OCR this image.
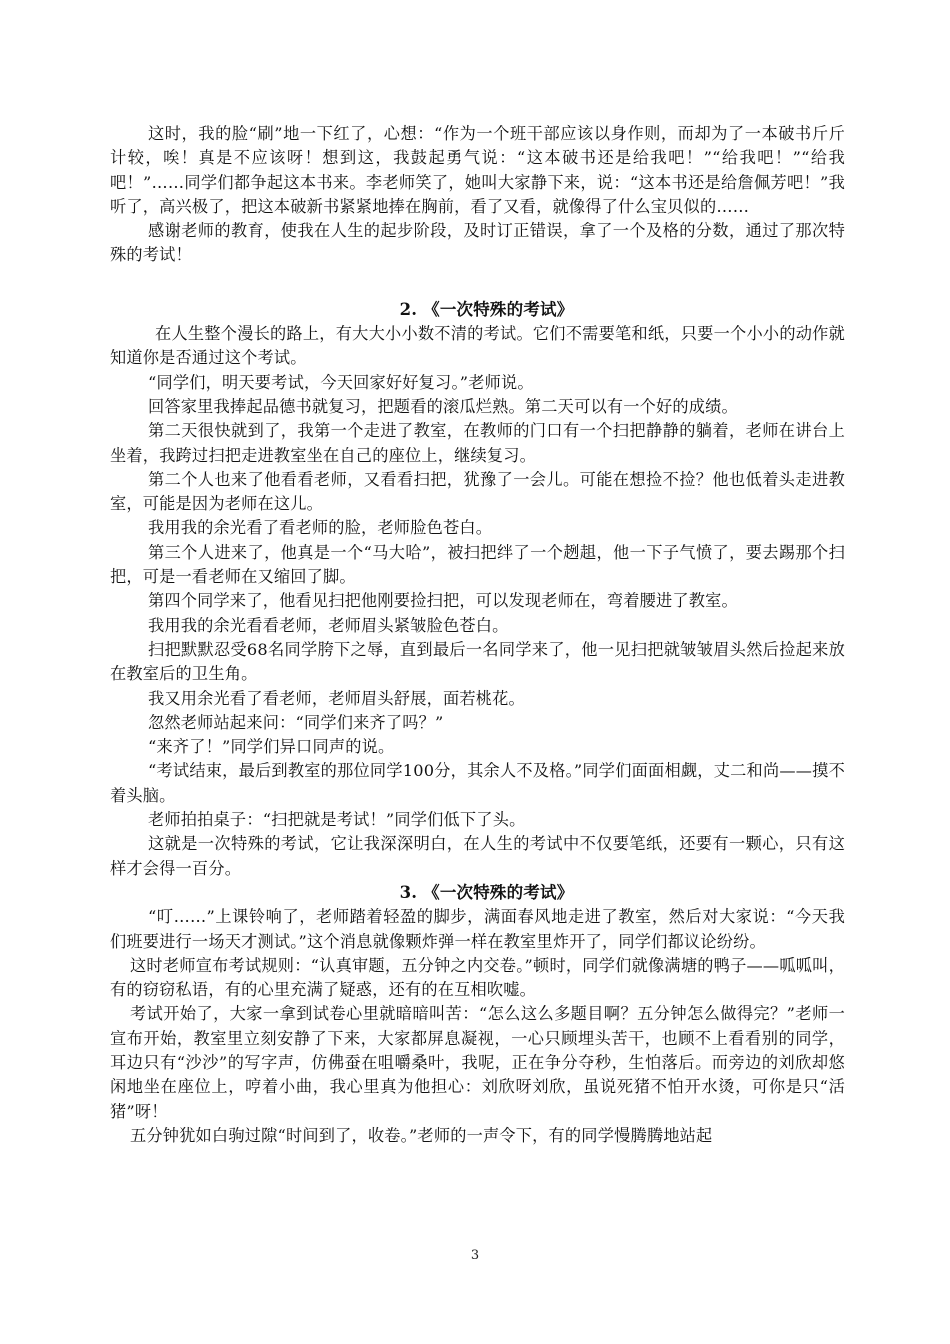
这时，我的脸“刷”地一下红了，心想：“作为一个班干部应该以身作则，而却为了一本破书斤斤计较，唉！真是不应该呀！想到这，我鼓起勇气说：“这本破书还是给我吧！”“给我吧！”“给我吧！”……同学们都争起这本书来。李老师笑了，她叫大家静下来，说：“这本书还是给詹佩芳吧！”我听了，高兴极了，把这本破新书紧紧地捧在胸前，看了又看，就像得了什么宝贝似的……

感谢老师的教育，使我在人生的起步阶段，及时订正错误，拿了一个及格的分数，通过了那次特殊的考试！

2. 《一次特殊的考试》

在人生整个漫长的路上，有大大小小数不清的考试。它们不需要笔和纸，只要一个小小的动作就知道你是否通过这个考试。

“同学们，明天要考试，今天回家好好复习。”老师说。

回答家里我捧起品德书就复习，把题看的滚瓜烂熟。第二天可以有一个好的成绩。

第二天很快就到了，我第一个走进了教室，在教师的门口有一个扫把静静的躺着，老师在讲台上坐着，我跨过扫把走进教室坐在自己的座位上，继续复习。

第二个人也来了他看看老师，又看看扫把，犹豫了一会儿。可能在想捡不捡？他也低着头走进教室，可能是因为老师在这儿。

我用我的余光看了看老师的脸，老师脸色苍白。

第三个人进来了，他真是一个“马大哈”，被扫把绊了一个趔趄，他一下子气愤了，要去踢那个扫把，可是一看老师在又缩回了脚。

第四个同学来了，他看见扫把他刚要捡扫把，可以发现老师在，弯着腰进了教室。

我用我的余光看看老师，老师眉头紧皱脸色苍白。

扫把默默忍受68名同学胯下之辱，直到最后一名同学来了，他一见扫把就皱皱眉头然后捡起来放在教室后的卫生角。

我又用余光看了看老师，老师眉头舒展，面若桃花。

忽然老师站起来问：“同学们来齐了吗？”

“来齐了！”同学们异口同声的说。

“考试结束，最后到教室的那位同学100分，其余人不及格。”同学们面面相觑，丈二和尚——摸不着头脑。

老师拍拍桌子：“扫把就是考试！”同学们低下了头。

这就是一次特殊的考试，它让我深深明白，在人生的考试中不仅要笔纸，还要有一颗心，只有这样才会得一百分。

3. 《一次特殊的考试》

“叮……”上课铃响了，老师踏着轻盈的脚步，满面春风地走进了教室，然后对大家说：“今天我们班要进行一场天才测试。”这个消息就像颗炸弹一样在教室里炸开了，同学们都议论纷纷。

这时老师宣布考试规则：“认真审题，五分钟之内交卷。”顿时，同学们就像满塘的鸭子——呱呱叫，有的窃窃私语，有的心里充满了疑惑，还有的在互相吹嘘。

考试开始了，大家一拿到试卷心里就暗暗叫苦：“怎么这么多题目啊？五分钟怎么做得完？”老师一宣布开始，教室里立刻安静了下来，大家都屏息凝视，一心只顾埋头苦干，也顾不上看看别的同学，耳边只有“沙沙”的写字声，仿佛蚕在咀嚼桑叶，我呢，正在争分夺秒，生怕落后。而旁边的刘欣却悠闲地坐在座位上，哼着小曲，我心里真为他担心：刘欣呀刘欣，虽说死猪不怕开水烫，可你是只“活猪”呀！

五分钟犹如白驹过隙“时间到了，收卷。”老师的一声令下，有的同学慢腾腾地站起

3
